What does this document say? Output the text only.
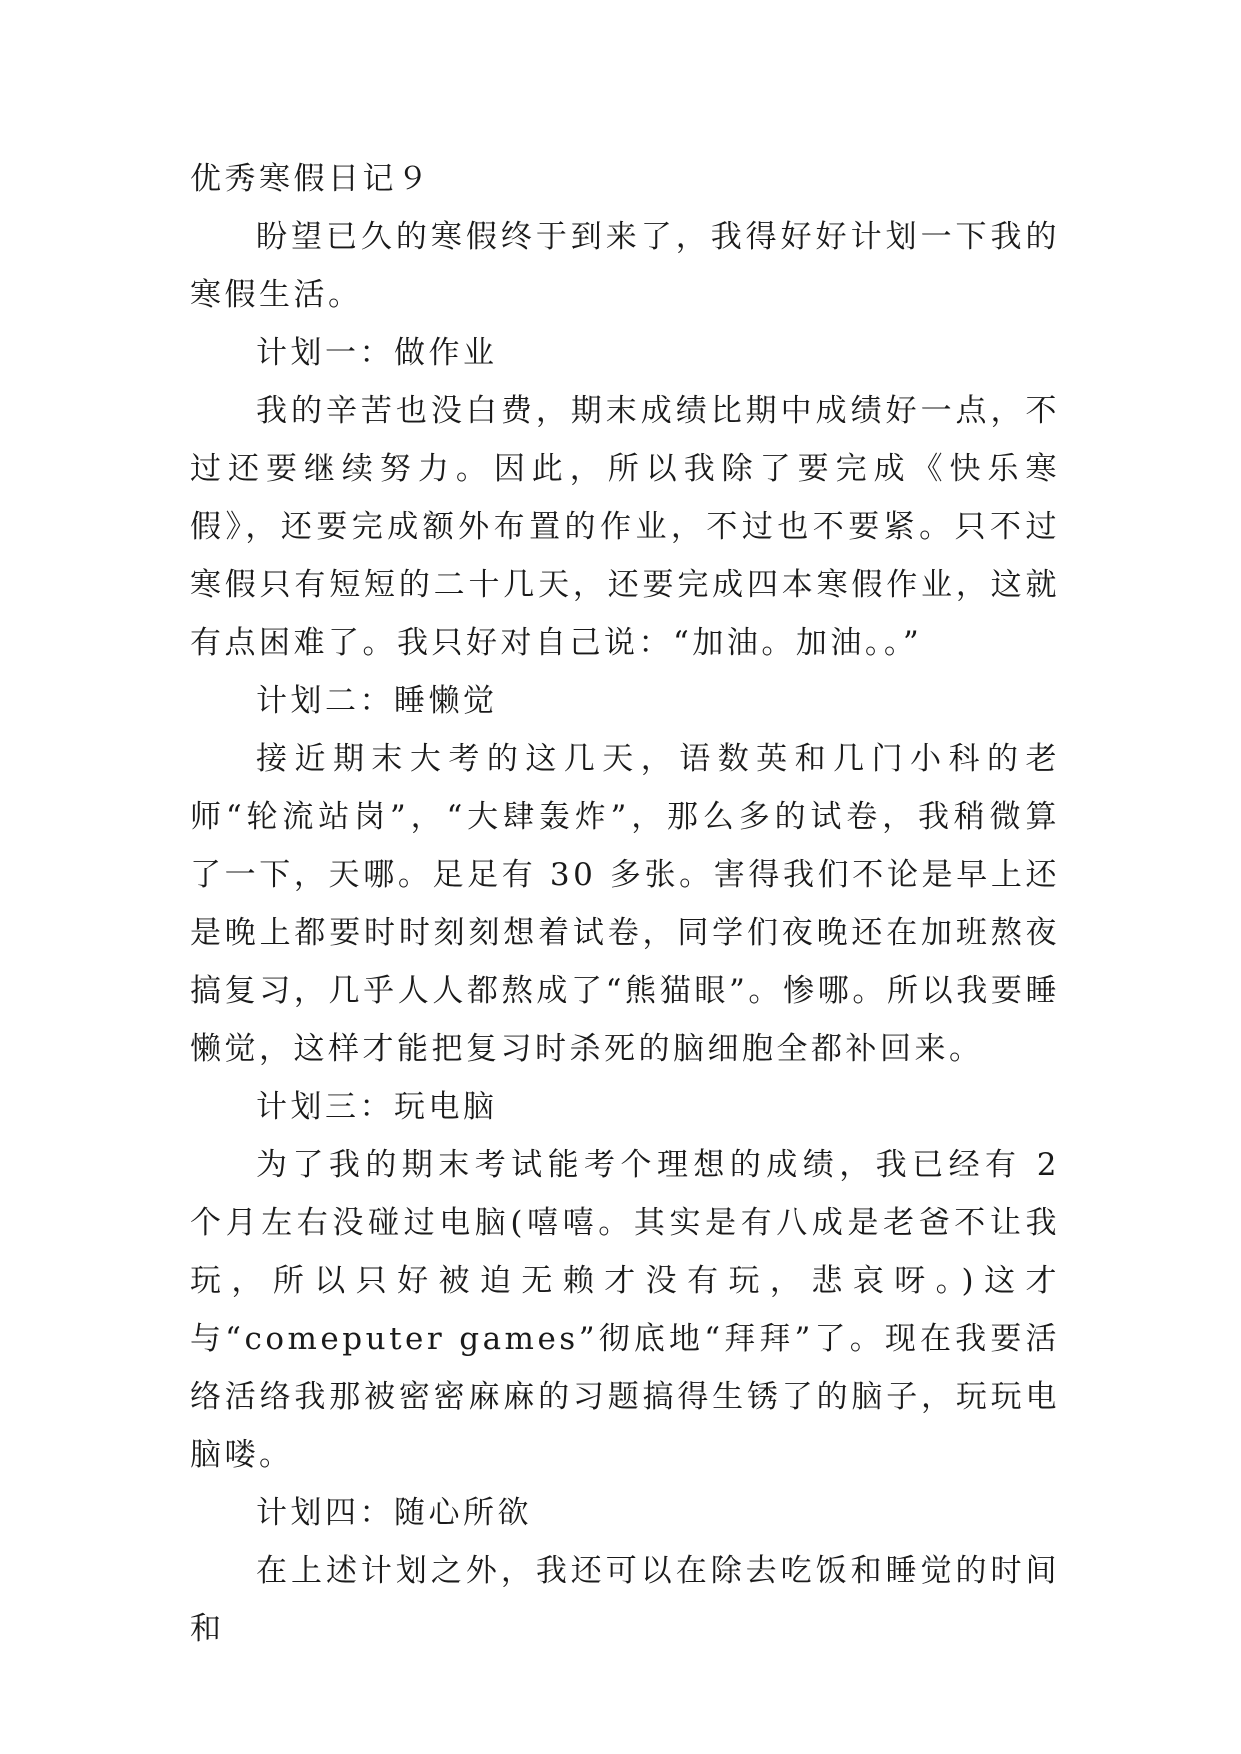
优秀寒假日记９

盼望已久的寒假终于到来了，我得好好计划一下我的寒假生活。

计划一：做作业

我的辛苦也没白费，期末成绩比期中成绩好一点，不过还要继续努力。因此，所以我除了要完成《快乐寒假》，还要完成额外布置的作业，不过也不要紧。只不过寒假只有短短的二十几天，还要完成四本寒假作业，这就有点困难了。我只好对自己说：“加油。加油。。”

计划二：睡懒觉

接近期末大考的这几天，语数英和几门小科的老师“轮流站岗”，“大肆轰炸”，那么多的试卷，我稍微算了一下，天哪。足足有 30 多张。害得我们不论是早上还是晚上都要时时刻刻想着试卷，同学们夜晚还在加班熬夜搞复习，几乎人人都熬成了“熊猫眼”。惨哪。所以我要睡懒觉，这样才能把复习时杀死的脑细胞全都补回来。

计划三：玩电脑

为了我的期末考试能考个理想的成绩，我已经有 2 个月左右没碰过电脑(嘻嘻。其实是有八成是老爸不让我玩，所以只好被迫无赖才没有玩，悲哀呀。)这才与“comeputer games”彻底地“拜拜”了。现在我要活络活络我那被密密麻麻的习题搞得生锈了的脑子，玩玩电脑喽。

计划四：随心所欲

在上述计划之外，我还可以在除去吃饭和睡觉的时间和
